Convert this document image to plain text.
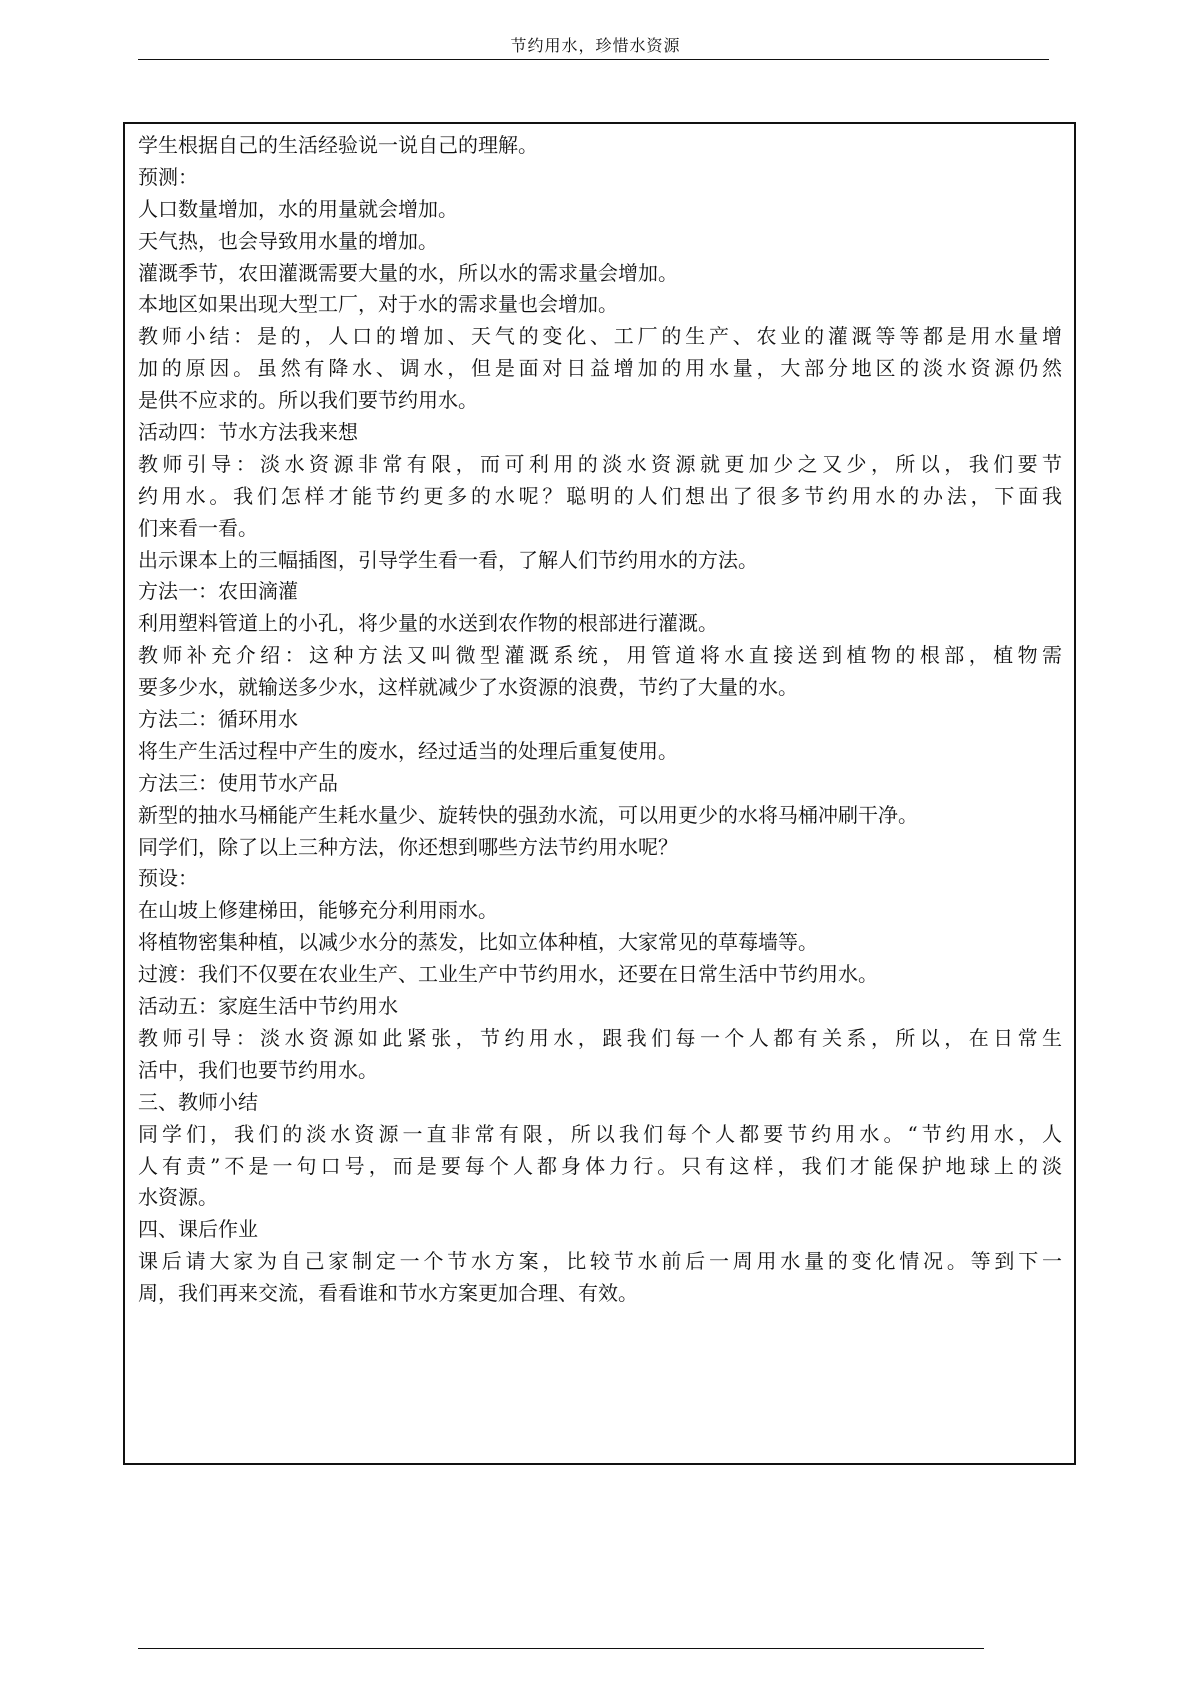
节约用水，珍惜水资源
学生根据自己的生活经验说一说自己的理解。
预测：
人口数量增加，水的用量就会增加。
天气热，也会导致用水量的增加。
灌溉季节，农田灌溉需要大量的水，所以水的需求量会增加。
本地区如果出现大型工厂，对于水的需求量也会增加。
教师小结：是的，人口的增加、天气的变化、工厂的生产、农业的灌溉等等都是用水量增
加的原因。虽然有降水、调水，但是面对日益增加的用水量，大部分地区的淡水资源仍然
是供不应求的。所以我们要节约用水。
活动四：节水方法我来想
教师引导：淡水资源非常有限，而可利用的淡水资源就更加少之又少，所以，我们要节
约用水。我们怎样才能节约更多的水呢？聪明的人们想出了很多节约用水的办法，下面我
们来看一看。
出示课本上的三幅插图，引导学生看一看，了解人们节约用水的方法。
方法一：农田滴灌
利用塑料管道上的小孔，将少量的水送到农作物的根部进行灌溉。
教师补充介绍：这种方法又叫微型灌溉系统，用管道将水直接送到植物的根部，植物需
要多少水，就输送多少水，这样就减少了水资源的浪费，节约了大量的水。
方法二：循环用水
将生产生活过程中产生的废水，经过适当的处理后重复使用。
方法三：使用节水产品
新型的抽水马桶能产生耗水量少、旋转快的强劲水流，可以用更少的水将马桶冲刷干净。
同学们，除了以上三种方法，你还想到哪些方法节约用水呢？
预设：
在山坡上修建梯田，能够充分利用雨水。
将植物密集种植，以减少水分的蒸发，比如立体种植，大家常见的草莓墙等。
过渡：我们不仅要在农业生产、工业生产中节约用水，还要在日常生活中节约用水。
活动五：家庭生活中节约用水
教师引导：淡水资源如此紧张，节约用水，跟我们每一个人都有关系，所以，在日常生
活中，我们也要节约用水。
三、教师小结
同学们，我们的淡水资源一直非常有限，所以我们每个人都要节约用水。“节约用水，人
人有责”不是一句口号，而是要每个人都身体力行。只有这样，我们才能保护地球上的淡
水资源。
四、课后作业
课后请大家为自己家制定一个节水方案，比较节水前后一周用水量的变化情况。等到下一
周，我们再来交流，看看谁和节水方案更加合理、有效。
